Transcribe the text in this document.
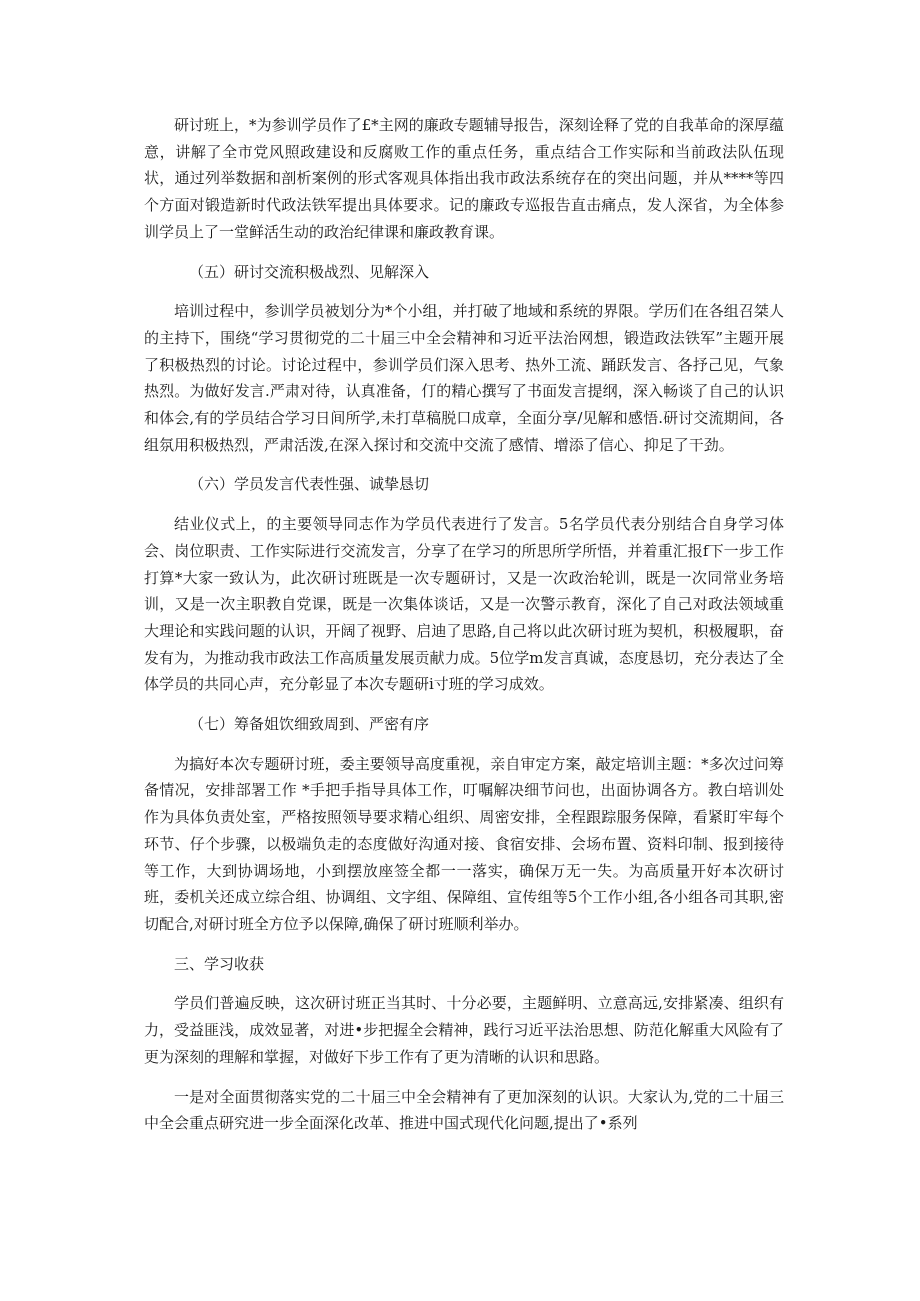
研讨班上，*为参训学员作了£*主网的廉政专题辅导报告，深刻诠释了党的自我革命的深厚蕴意，讲解了全市党风照政建设和反腐败工作的重点任务，重点结合工作实际和当前政法队伍现状，通过列举数据和剖析案例的形式客观具体指出我市政法系统存在的突出问题，并从****等四个方面对锻造新时代政法铁军提出具体要求。记的廉政专巡报告直击痛点，发人深省，为全体参训学员上了一堂鲜活生动的政治纪律课和廉政教育课。

（五）研讨交流积极战烈、见解深入

培训过程中，参训学员被划分为*个小组，并打破了地域和系统的界限。学历们在各组召桀人的主持下，围绕“学习贯彻党的二十届三中全会精神和习近平法治网想，锻造政法铁军”主题开展了积极热烈的讨论。讨论过程中，参训学员们深入思考、热外工流、踊跃发言、各抒己见，气象热烈。为做好发言.严肃对待，认真准备，仃的精心撰写了书面发言提纲，深入畅谈了自己的认识和体会,有的学员结合学习日间所学,未打草稿脱口成章，全面分享/见解和感悟.研讨交流期间，各组氛用积极热烈，严肃活泼,在深入探讨和交流中交流了感情、增添了信心、抑足了干劲。

（六）学员发言代表性强、诚挚恳切

结业仪式上，的主要领导同志作为学员代表进行了发言。5名学员代表分别结合自身学习体会、岗位职责、工作实际进行交流发言，分享了在学习的所思所学所悟，并着重汇报f下一步工作打算*大家一致认为，此次研讨班既是一次专题研讨，又是一次政治轮训，既是一次同常业务培训，又是一次主职教自党课，既是一次集体谈话，又是一次警示教育，深化了自己对政法领域重大理论和实践问题的认识，开阔了视野、启迪了思路,自己将以此次研讨班为契机，积极履职，奋发有为，为推动我市政法工作高质量发展贡献力成。5位学m发言真诚，态度恳切，充分表达了全体学员的共同心声，充分彰显了本次专题研i寸班的学习成效。

（七）筹备姐饮细致周到、严密有序

为搞好本次专题研讨班，委主要领导高度重视，亲自审定方案，敲定培训主题：*多次过问筹备情况，安排部署工作 *手把手指导具体工作，叮嘱解决细节问也，出面协调各方。教白培训处作为具体负责处室，严格按照领导要求精心组织、周密安排，全程跟踪服务保障，看紧盯牢每个环节、仔个步骤，以极端负走的态度做好沟通对接、食宿安排、会场布置、资料印制、报到接待等工作，大到协调场地，小到摆放座签全都一一落实，确保万无一失。为高质量开好本次研讨班，委机关还成立综合组、协调组、文字组、保障组、宣传组等5个工作小组,各小组各司其职,密切配合,对研讨班全方位予以保障,确保了研讨班顺利举办。

三、学习收获

学员们普遍反映，这次研讨班正当其时、十分必要，主题鲜明、立意高远,安排紧凑、组织有力，受益匪浅，成效显著，对进•步把握全会精神，践行习近平法治思想、防范化解重大风险有了更为深刻的理解和掌握，对做好下步工作有了更为清晰的认识和思路。

一是对全面贯彻落实党的二十届三中全会精神有了更加深刻的认识。大家认为,党的二十届三中全会重点研究进一步全面深化改革、推进中国式现代化问题,提出了•系列
